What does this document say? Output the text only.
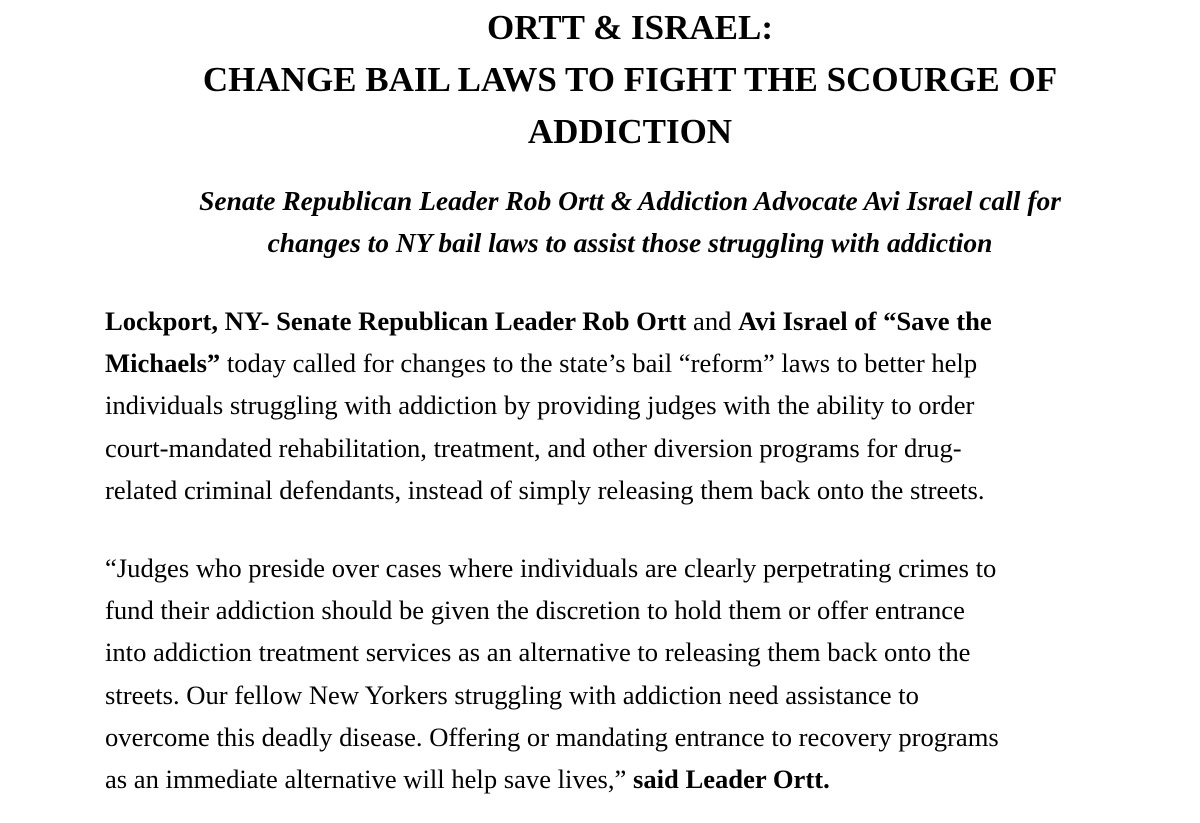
ORTT & ISRAEL:
CHANGE BAIL LAWS TO FIGHT THE SCOURGE OF
ADDICTION
Senate Republican Leader Rob Ortt & Addiction Advocate Avi Israel call for
changes to NY bail laws to assist those struggling with addiction

Lockport, NY- Senate Republican Leader Rob Ortt and Avi Israel of “Save the
Michaels” today called for changes to the state’s bail “reform” laws to better help
individuals struggling with addiction by providing judges with the ability to order
court-mandated rehabilitation, treatment, and other diversion programs for drug-
related criminal defendants, instead of simply releasing them back onto the streets.

“Judges who preside over cases where individuals are clearly perpetrating crimes to
fund their addiction should be given the discretion to hold them or offer entrance
into addiction treatment services as an alternative to releasing them back onto the
streets. Our fellow New Yorkers struggling with addiction need assistance to
overcome this deadly disease. Offering or mandating entrance to recovery programs
as an immediate alternative will help save lives,” said Leader Ortt.
